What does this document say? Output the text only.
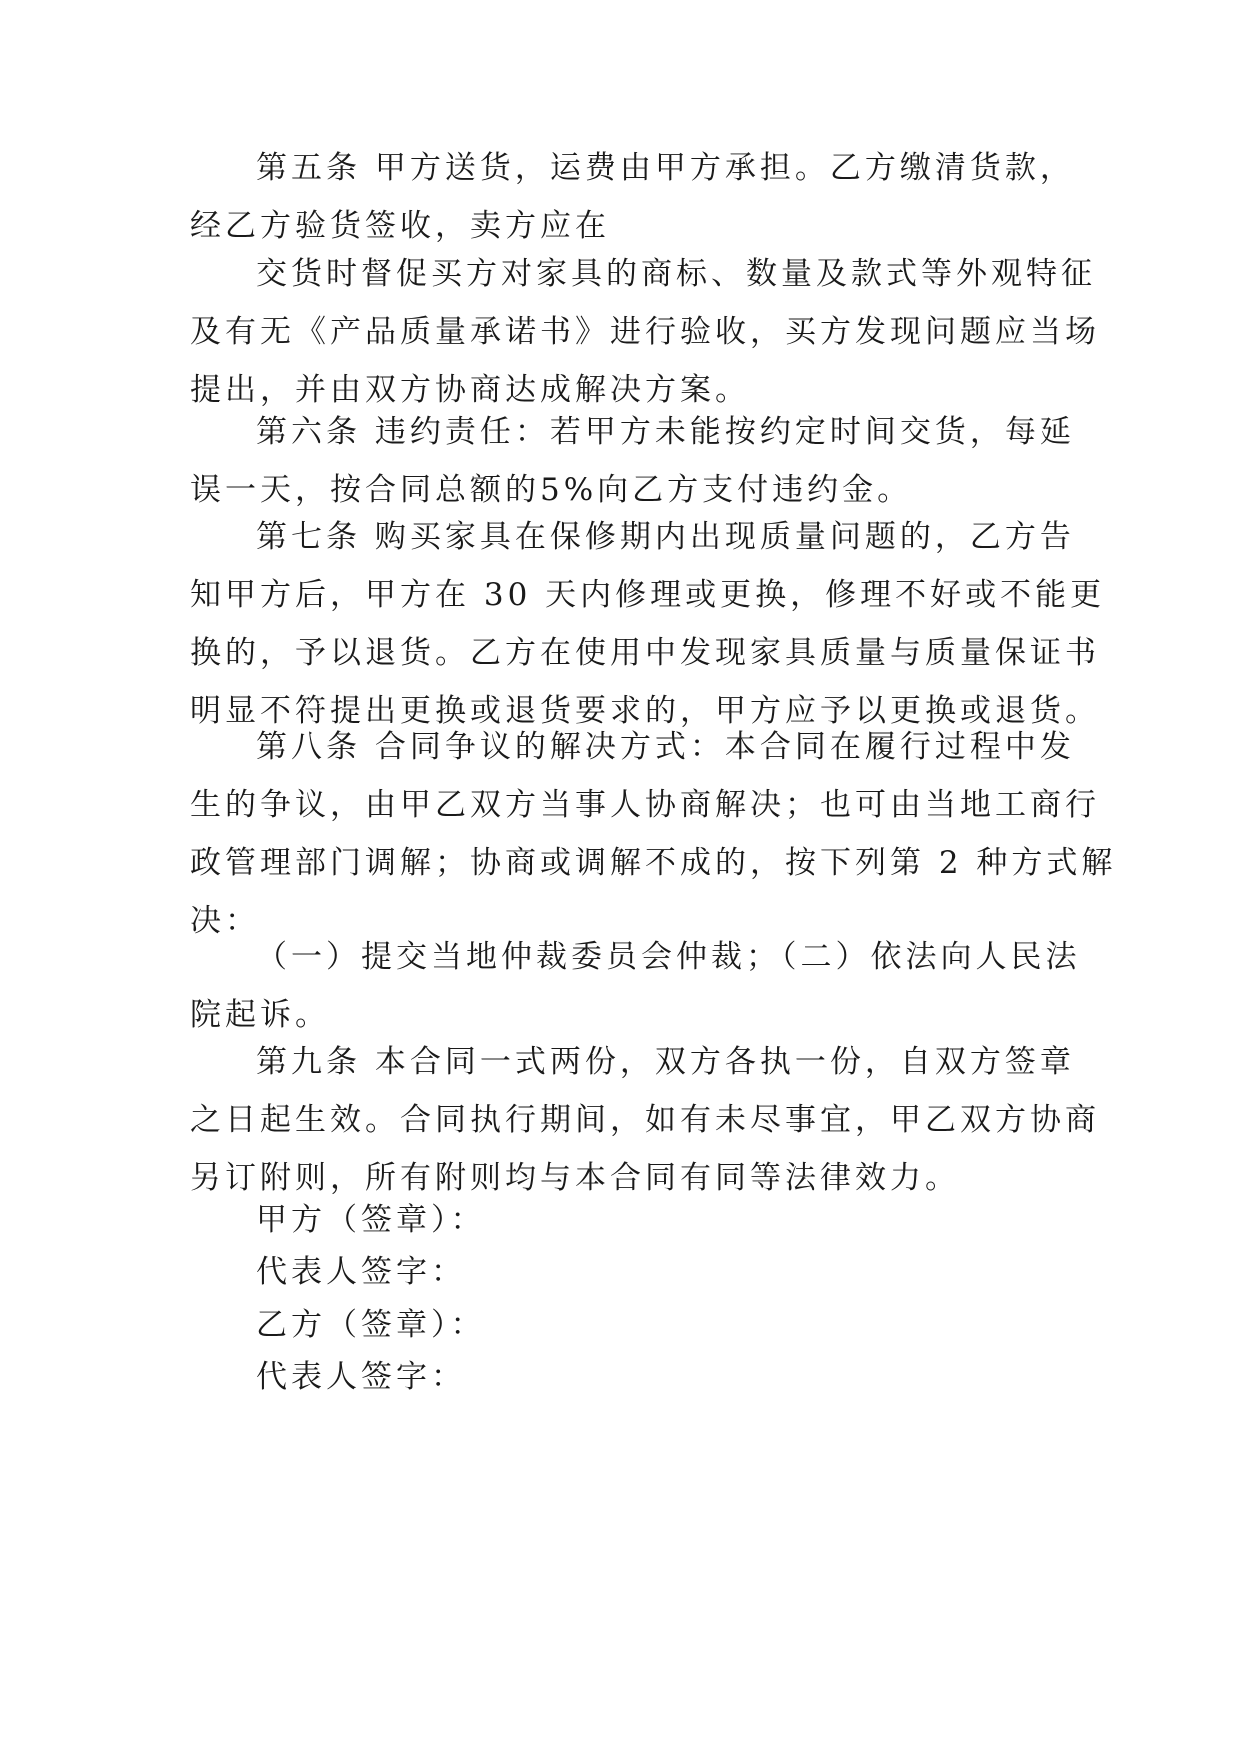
第五条 甲方送货，运费由甲方承担。乙方缴清货款，
经乙方验货签收，卖方应在
交货时督促买方对家具的商标、数量及款式等外观特征
及有无《产品质量承诺书》进行验收，买方发现问题应当场
提出，并由双方协商达成解决方案。
第六条 违约责任：若甲方未能按约定时间交货，每延
误一天，按合同总额的5%向乙方支付违约金。
第七条 购买家具在保修期内出现质量问题的，乙方告
知甲方后，甲方在 30 天内修理或更换，修理不好或不能更
换的，予以退货。乙方在使用中发现家具质量与质量保证书
明显不符提出更换或退货要求的，甲方应予以更换或退货。
第八条 合同争议的解决方式：本合同在履行过程中发
生的争议，由甲乙双方当事人协商解决；也可由当地工商行
政管理部门调解；协商或调解不成的，按下列第 2 种方式解
决：
（一）提交当地仲裁委员会仲裁；（二）依法向人民法
院起诉。
第九条 本合同一式两份，双方各执一份，自双方签章
之日起生效。合同执行期间，如有未尽事宜，甲乙双方协商
另订附则，所有附则均与本合同有同等法律效力。
甲方（签章）：
代表人签字：
乙方（签章）：
代表人签字：
